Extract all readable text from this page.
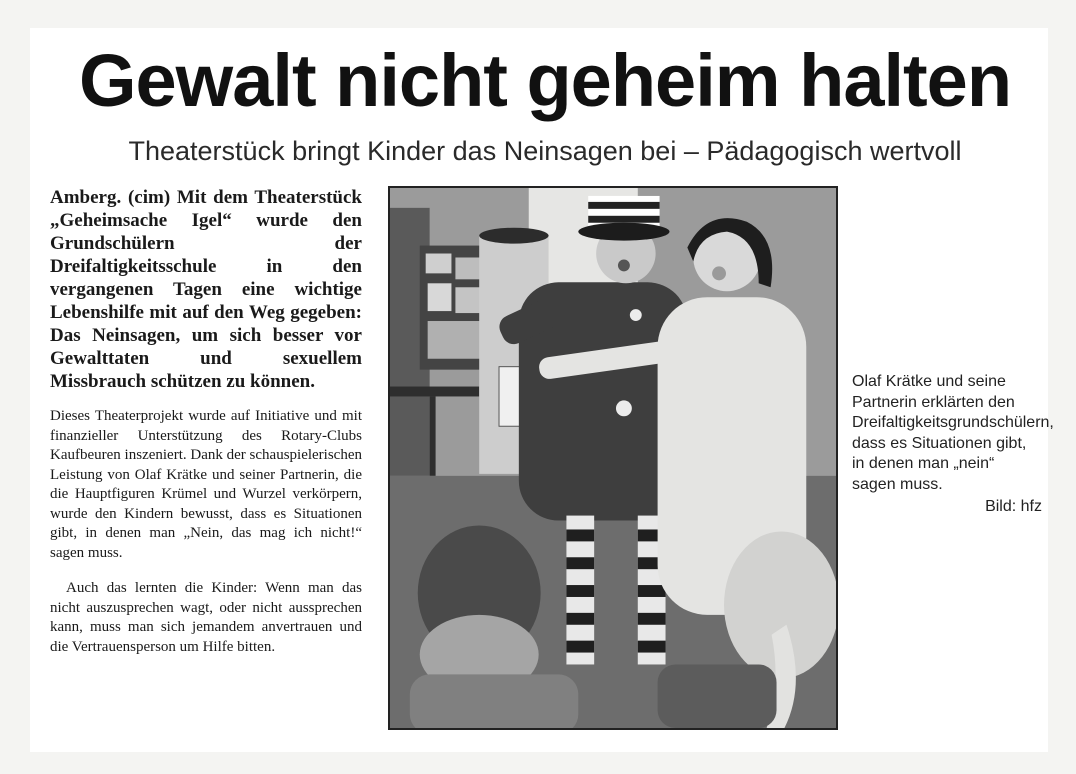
Gewalt nicht geheim halten
Theaterstück bringt Kinder das Neinsagen bei – Pädagogisch wertvoll

Amberg. (cim) Mit dem Theaterstück „Geheimsache Igel“ wurde den Grundschülern der Dreifaltigkeitsschule in den vergangenen Tagen eine wichtige Lebenshilfe mit auf den Weg gegeben: Das Neinsagen, um sich besser vor Gewalttaten und sexuellem Missbrauch schützen zu können.

Dieses Theaterprojekt wurde auf Initiative und mit finanzieller Unterstützung des Rotary-Clubs Kaufbeuren inszeniert. Dank der schauspielerischen Leistung von Olaf Krätke und seiner Partnerin, die die Hauptfiguren Krümel und Wurzel verkörpern, wurde den Kindern bewusst, dass es Situationen gibt, in denen man „Nein, das mag ich nicht!“ sagen muss.

Auch das lernten die Kinder: Wenn man das nicht auszusprechen wagt, oder nicht aussprechen kann, muss man sich jemandem anvertrauen und die Vertrauensperson um Hilfe bitten.

Olaf Krätke und seine Partnerin erklärten den Dreifaltigkeitsgrundschülern, dass es Situationen gibt, in denen man „nein“ sagen muss.
Bild: hfz
